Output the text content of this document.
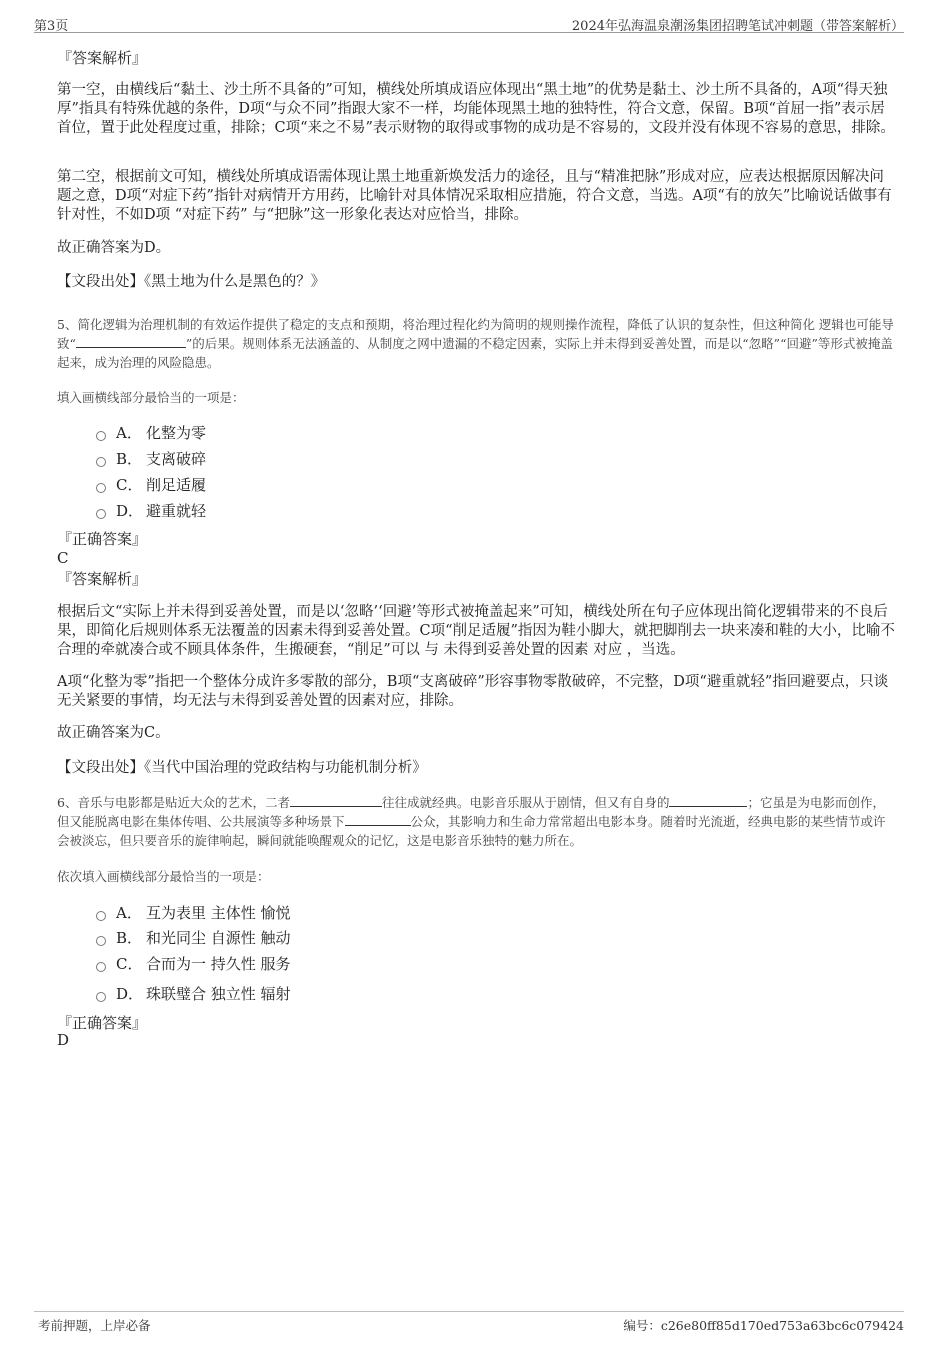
第3页	2024年弘海温泉潮汤集团招聘笔试冲刺题（带答案解析）
『答案解析』

第一空，由横线后“黏土、沙土所不具备的”可知，横线处所填成语应体现出“黑土地”的优势是黏土、沙土所不具备的，A项“得天独厚”指具有特殊优越的条件，D项“与众不同”指跟大家不一样，均能体现黑土地的独特性，符合文意，保留。B项“首屈一指”表示居首位，置于此处程度过重，排除；C项“来之不易”表示财物的取得或事物的成功是不容易的，文段并没有体现不容易的意思，排除。

第二空，根据前文可知，横线处所填成语需体现让黑土地重新焕发活力的途径，且与“精准把脉”形成对应，应表达根据原因解决问题之意，D项“对症下药”指针对病情开方用药，比喻针对具体情况采取相应措施，符合文意，当选。A项“有的放矢”比喻说话做事有针对性，不如D项 “对症下药” 与“把脉”这一形象化表达对应恰当，排除。

故正确答案为D。

【文段出处】《黑土地为什么是黑色的？》

5、简化逻辑为治理机制的有效运作提供了稳定的支点和预期，将治理过程化约为简明的规则操作流程，降低了认识的复杂性，但这种简化 逻辑也可能导致“	”的后果。规则体系无法涵盖的、从制度之网中遗漏的不稳定因素，实际上并未得到妥善处置，而是以“忽略”“回避”等形式被掩盖起来，成为治理的风险隐患。

填入画横线部分最恰当的一项是：

A． 化整为零
B． 支离破碎
C． 削足适履
D． 避重就轻
『正确答案』
C
『答案解析』

根据后文“实际上并未得到妥善处置，而是以‘忽略’‘回避’等形式被掩盖起来”可知，横线处所在句子应体现出简化逻辑带来的不良后果，即简化后规则体系无法覆盖的因素未得到妥善处置。C项“削足适履”指因为鞋小脚大，就把脚削去一块来凑和鞋的大小，比喻不合理的牵就凑合或不顾具体条件，生搬硬套，“削足”可以 与 未得到妥善处置的因素 对应 ，当选。

A项“化整为零”指把一个整体分成许多零散的部分，B项“支离破碎”形容事物零散破碎，不完整，D项“避重就轻”指回避要点，只谈无关紧要的事情，均无法与未得到妥善处置的因素对应，排除。

故正确答案为C。

【文段出处】《当代中国治理的党政结构与功能机制分析》

6、音乐与电影都是贴近大众的艺术，二者	往往成就经典。电影音乐服从于剧情，但又有自身的	；它虽是为电影而创作，但又能脱离电影在集体传唱、公共展演等多种场景下	公众，其影响力和生命力常常超出电影本身。随着时光流逝，经典电影的某些情节或许会被淡忘，但只要音乐的旋律响起，瞬间就能唤醒观众的记忆，这是电影音乐独特的魅力所在。

依次填入画横线部分最恰当的一项是：

A． 互为表里 主体性 愉悦
B． 和光同尘 自源性 触动
C． 合而为一 持久性 服务
D． 珠联璧合 独立性 辐射
『正确答案』
D
考前押题，上岸必备	编号：c26e80ff85d170ed753a63bc6c079424
